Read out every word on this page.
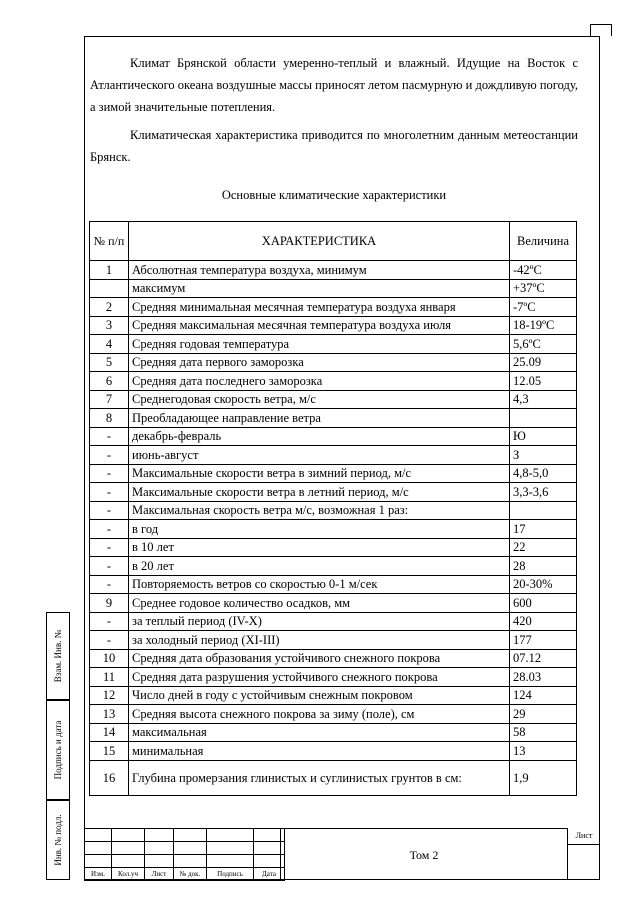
Климат Брянской области умеренно-теплый и влажный. Идущие на Восток с Атлантического океана воздушные массы приносят летом пасмурную и дождливую погоду, а зимой значительные потепления.

Климатическая характеристика приводится по многолетним данным метеостанции Брянск.

Основные климатические характеристики
№ п/п	ХАРАКТЕРИСТИКА	Величина
1	Абсолютная температура воздуха, минимум	-42ºC
	максимум	+37ºC
2	Средняя минимальная месячная температура воздуха января	-7ºC
3	Средняя максимальная месячная температура воздуха июля	18-19ºC
4	Средняя годовая температура	5,6ºC
5	Средняя дата первого заморозка	25.09
6	Средняя дата последнего заморозка	12.05
7	Среднегодовая скорость ветра, м/с	4,3
8	Преобладающее направление ветра	
-	декабрь-февраль	Ю
-	июнь-август	З
-	Максимальные скорости ветра в зимний период, м/с	4,8-5,0
-	Максимальные скорости ветра в летний период, м/с	3,3-3,6
-	Максимальная скорость ветра м/с, возможная 1 раз:	
-	в год	17
-	в 10 лет	22
-	в 20 лет	28
-	Повторяемость ветров со скоростью 0-1 м/сек	20-30%
9	Среднее годовое количество осадков, мм	600
-	за теплый период (IV-X)	420
-	за холодный период (XI-III)	177
10	Средняя дата образования устойчивого снежного покрова	07.12
11	Средняя дата разрушения устойчивого снежного покрова	28.03
12	Число дней в году с устойчивым снежным покровом	124
13	Средняя высота снежного покрова за зиму (поле), см	29
14	максимальная	58
15	минимальная	13
16	Глубина промерзания глинистых и суглинистых грунтов в см:	1,9
Взам. Инв. №
Подпись и дата
Инв. № подл.

Изм.	Кол.уч	Лист	№ док.	Подпись	Дата
Том 2
Лист
